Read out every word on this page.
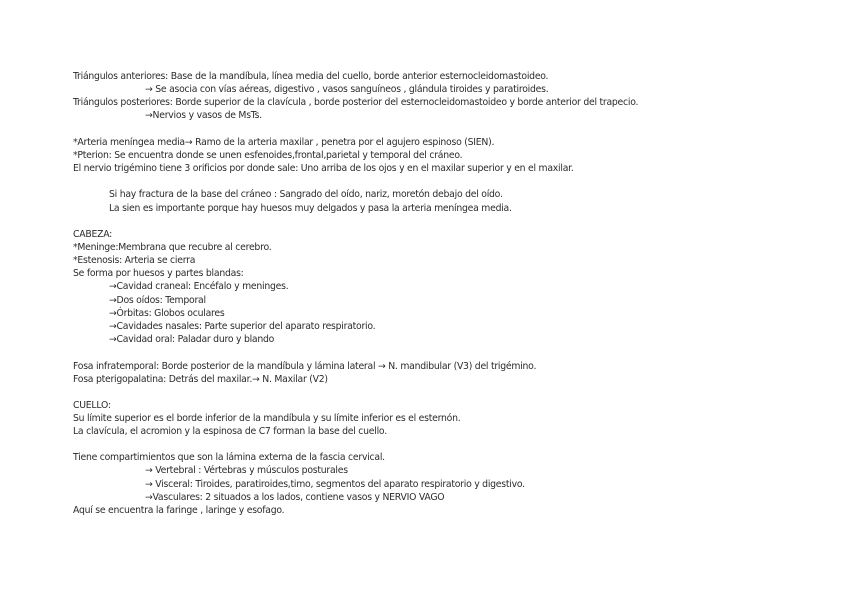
Triángulos anteriores: Base de la mandíbula, línea media del cuello, borde anterior esternocleidomastoideo.
→ Se asocia con vías aéreas, digestivo , vasos sanguíneos , glándula tiroides y paratiroides.
Triángulos posteriores: Borde superior de la clavícula , borde posterior del esternocleidomastoideo y borde anterior del trapecio.
→Nervios y vasos de MsTs.
*Arteria meníngea media→ Ramo de la arteria maxilar , penetra por el agujero espinoso (SIEN).
*Pterion: Se encuentra donde se unen esfenoides,frontal,parietal y temporal del cráneo.
El nervio trigémino tiene 3 orificios por donde sale: Uno arriba de los ojos y en el maxilar superior y en el maxilar.
Si hay fractura de la base del cráneo : Sangrado del oído, nariz, moretón debajo del oído.
La sien es importante porque hay huesos muy delgados y pasa la arteria meníngea media.
CABEZA:
*Meninge:Membrana que recubre al cerebro.
*Estenosis: Arteria se cierra
Se forma por huesos y partes blandas:
→Cavidad craneal: Encéfalo y meninges.
→Dos oídos: Temporal
→Órbitas: Globos oculares
→Cavidades nasales: Parte superior del aparato respiratorio.
→Cavidad oral: Paladar duro y blando
Fosa infratemporal: Borde posterior de la mandíbula y lámina lateral → N. mandibular (V3) del trigémino.
Fosa pterigopalatina: Detrás del maxilar.→ N. Maxilar (V2)
CUELLO:
Su límite superior es el borde inferior de la mandíbula y su límite inferior es el esternón.
La clavícula, el acromion y la espinosa de C7 forman la base del cuello.
Tiene compartimientos que son la lámina externa de la fascia cervical.
→ Vertebral : Vértebras y músculos posturales
→ Visceral: Tiroides, paratiroides,timo, segmentos del aparato respiratorio y digestivo.
→Vasculares: 2 situados a los lados, contiene vasos y NERVIO VAGO
Aquí se encuentra la faringe , laringe y esofago.
